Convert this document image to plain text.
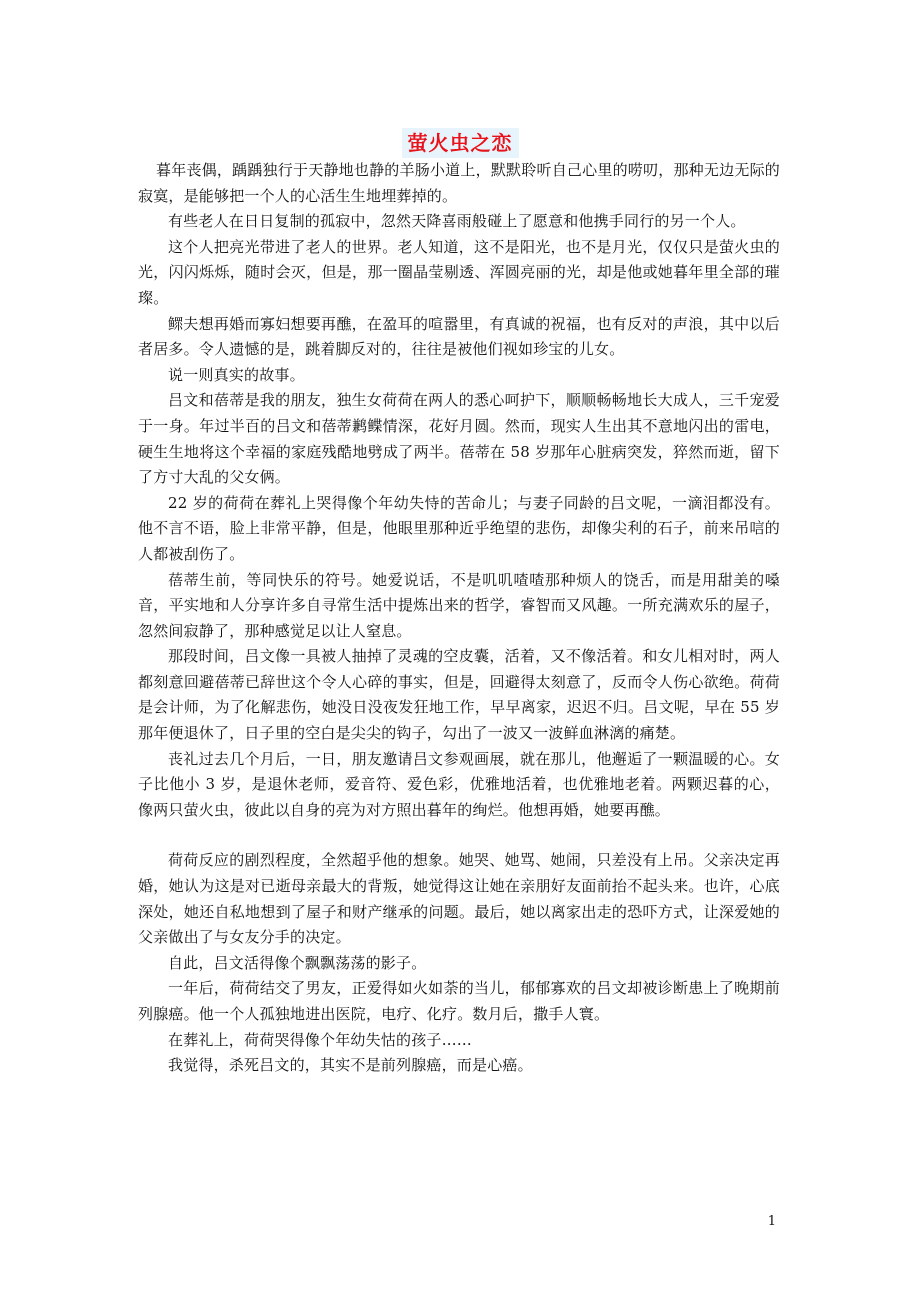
萤火虫之恋

暮年丧偶，踽踽独行于天静地也静的羊肠小道上，默默聆听自己心里的唠叨，那种无边无际的寂寞，是能够把一个人的心活生生地埋葬掉的。

有些老人在日日复制的孤寂中，忽然天降喜雨般碰上了愿意和他携手同行的另一个人。

这个人把亮光带进了老人的世界。老人知道，这不是阳光，也不是月光，仅仅只是萤火虫的光，闪闪烁烁，随时会灭，但是，那一圈晶莹剔透、浑圆亮丽的光，却是他或她暮年里全部的璀璨。

鳏夫想再婚而寡妇想要再醮，在盈耳的喧嚣里，有真诚的祝福，也有反对的声浪，其中以后者居多。令人遗憾的是，跳着脚反对的，往往是被他们视如珍宝的儿女。

说一则真实的故事。

吕文和蓓蒂是我的朋友，独生女荷荷在两人的悉心呵护下，顺顺畅畅地长大成人，三千宠爱于一身。年过半百的吕文和蓓蒂鹣鲽情深，花好月圆。然而，现实人生出其不意地闪出的雷电，硬生生地将这个幸福的家庭残酷地劈成了两半。蓓蒂在 58 岁那年心脏病突发，猝然而逝，留下了方寸大乱的父女俩。

22 岁的荷荷在葬礼上哭得像个年幼失恃的苦命儿；与妻子同龄的吕文呢，一滴泪都没有。他不言不语，脸上非常平静，但是，他眼里那种近乎绝望的悲伤，却像尖利的石子，前来吊唁的人都被刮伤了。

蓓蒂生前，等同快乐的符号。她爱说话，不是叽叽喳喳那种烦人的饶舌，而是用甜美的嗓音，平实地和人分享许多自寻常生活中提炼出来的哲学，睿智而又风趣。一所充满欢乐的屋子，忽然间寂静了，那种感觉足以让人窒息。

那段时间，吕文像一具被人抽掉了灵魂的空皮囊，活着，又不像活着。和女儿相对时，两人都刻意回避蓓蒂已辞世这个令人心碎的事实，但是，回避得太刻意了，反而令人伤心欲绝。荷荷是会计师，为了化解悲伤，她没日没夜发狂地工作，早早离家，迟迟不归。吕文呢，早在 55 岁那年便退休了，日子里的空白是尖尖的钩子，勾出了一波又一波鲜血淋漓的痛楚。

丧礼过去几个月后，一日，朋友邀请吕文参观画展，就在那儿，他邂逅了一颗温暖的心。女子比他小 3 岁，是退休老师，爱音符、爱色彩，优雅地活着，也优雅地老着。两颗迟暮的心，像两只萤火虫，彼此以自身的亮为对方照出暮年的绚烂。他想再婚，她要再醮。

荷荷反应的剧烈程度，全然超乎他的想象。她哭、她骂、她闹，只差没有上吊。父亲决定再婚，她认为这是对已逝母亲最大的背叛，她觉得这让她在亲朋好友面前抬不起头来。也许，心底深处，她还自私地想到了屋子和财产继承的问题。最后，她以离家出走的恐吓方式，让深爱她的父亲做出了与女友分手的决定。

自此，吕文活得像个飘飘荡荡的影子。

一年后，荷荷结交了男友，正爱得如火如荼的当儿，郁郁寡欢的吕文却被诊断患上了晚期前列腺癌。他一个人孤独地进出医院，电疗、化疗。数月后，撒手人寰。

在葬礼上，荷荷哭得像个年幼失怙的孩子……

我觉得，杀死吕文的，其实不是前列腺癌，而是心癌。

1
